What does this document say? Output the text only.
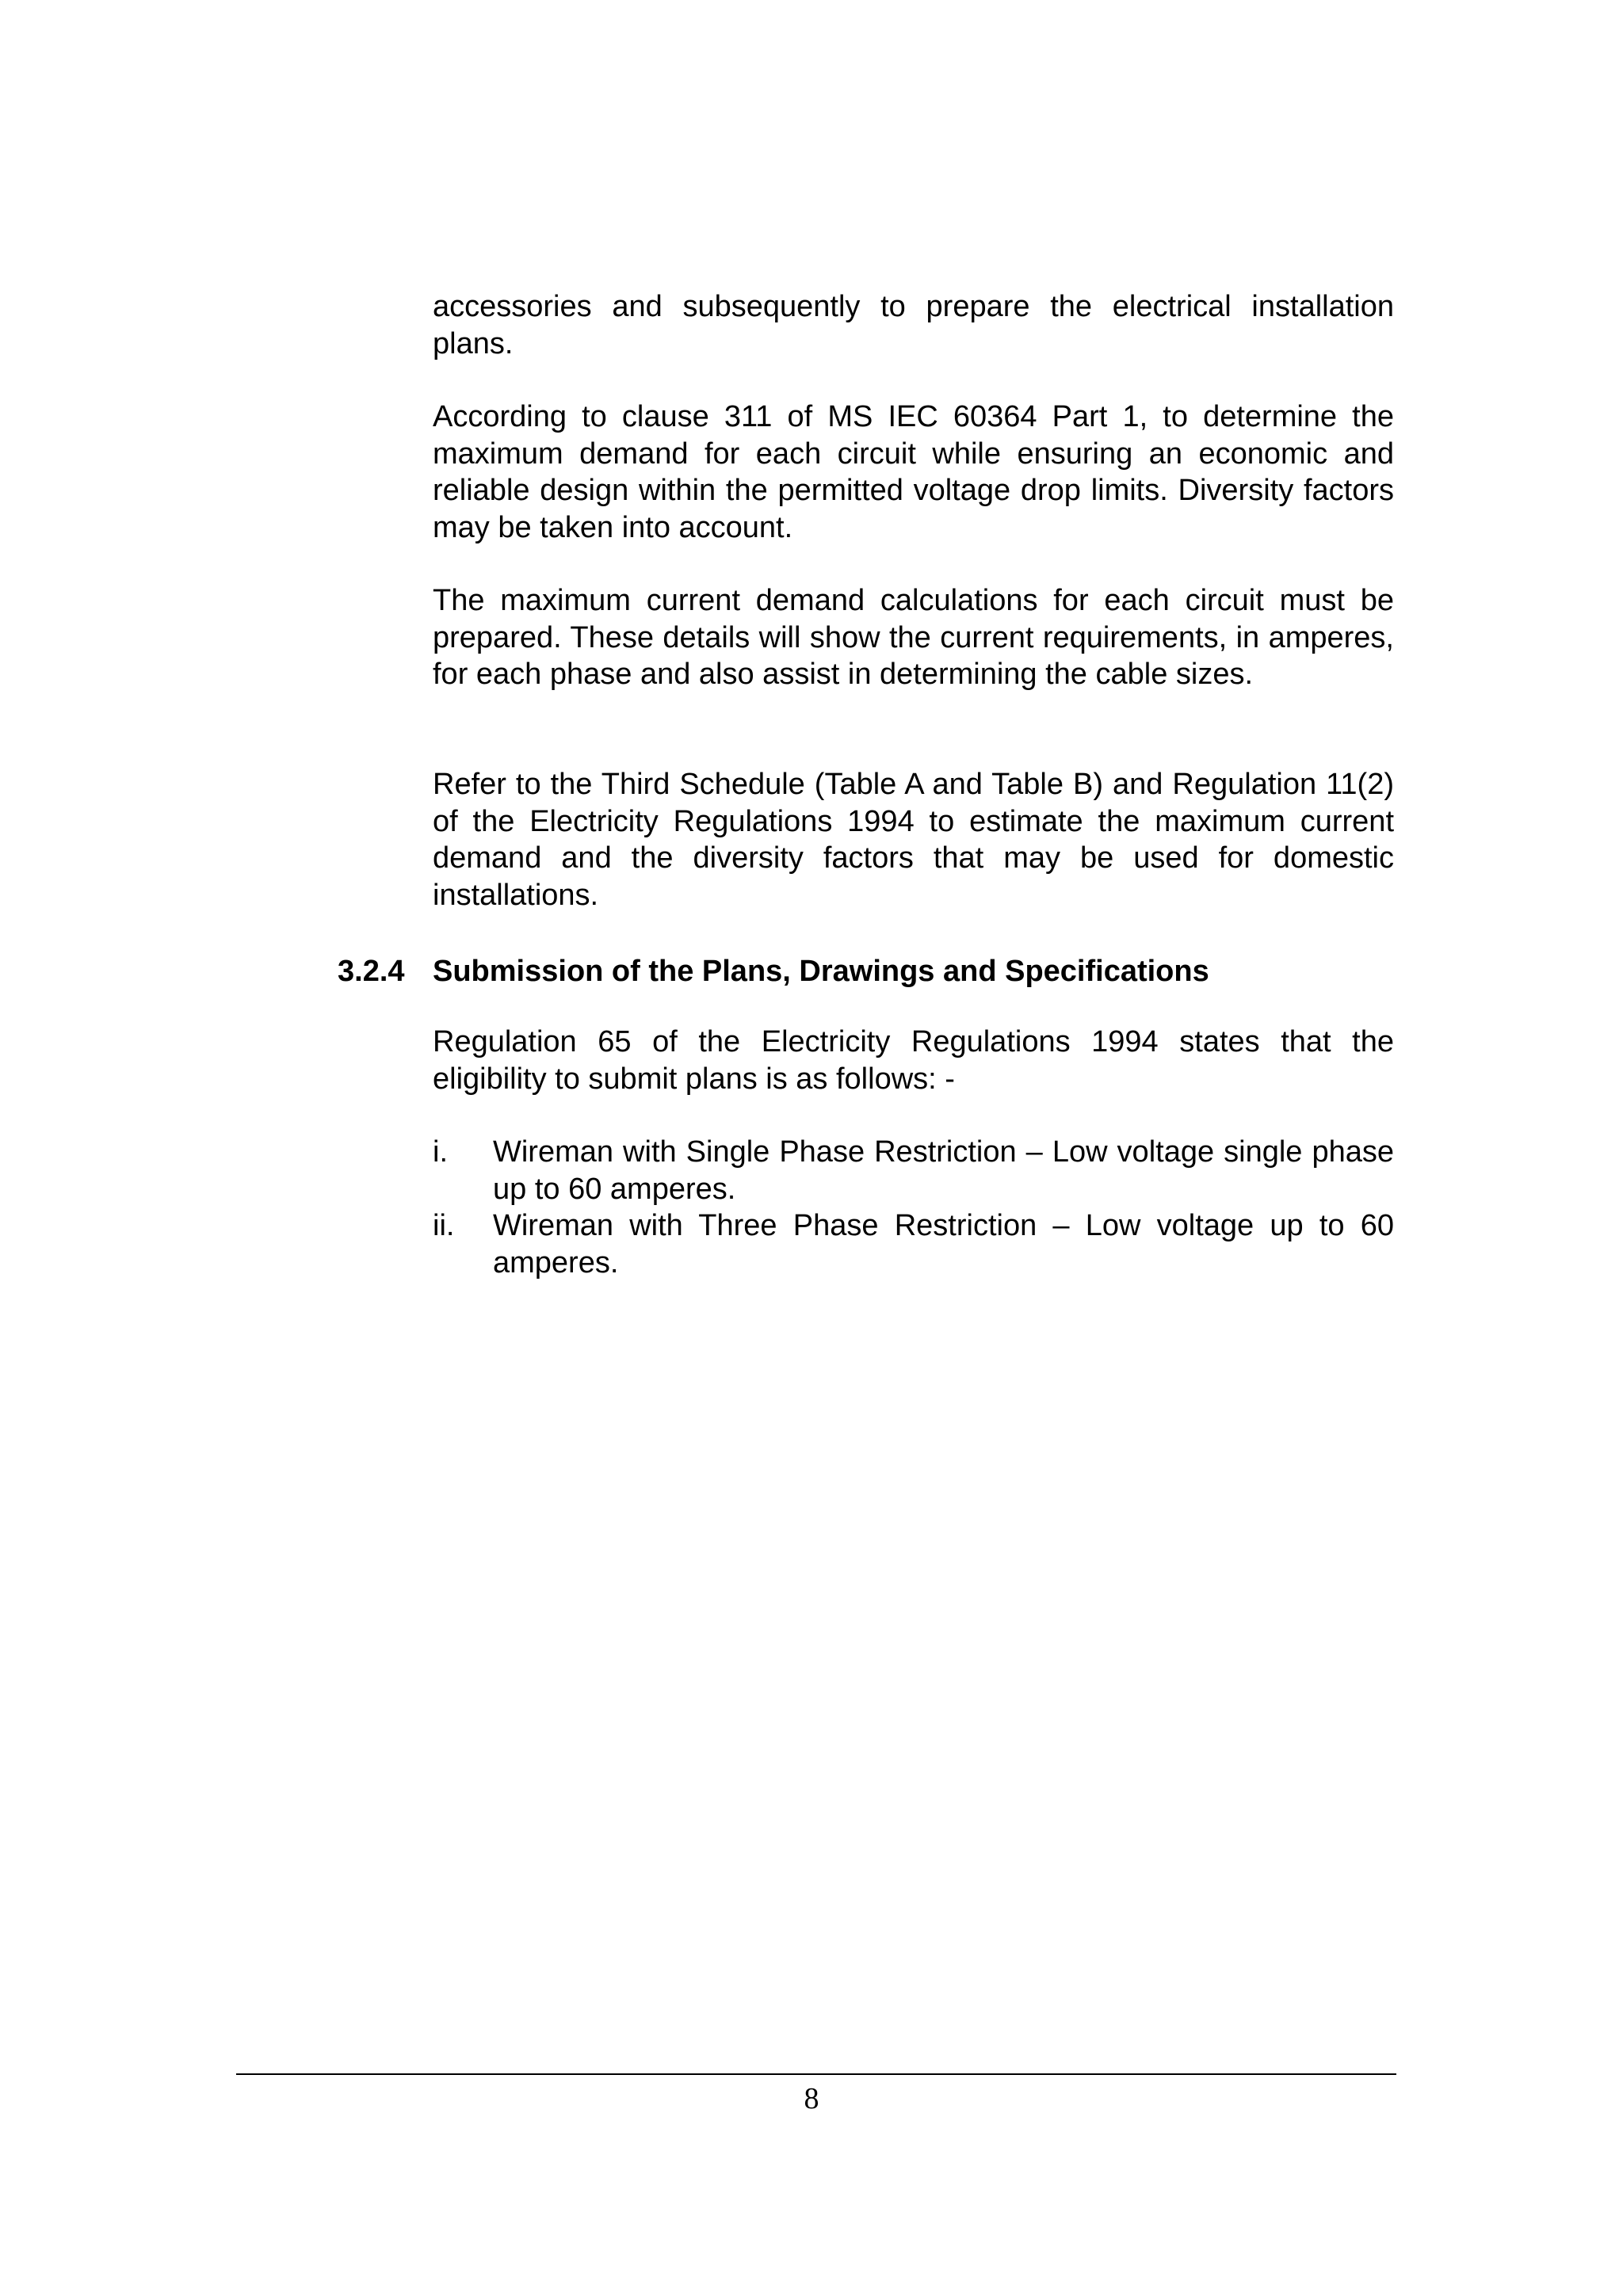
accessories and subsequently to prepare the electrical installation plans.

According to clause 311 of MS IEC 60364 Part 1, to determine the maximum demand for each circuit while ensuring an economic and reliable design within the permitted voltage drop limits. Diversity factors may be taken into account.

The maximum current demand calculations for each circuit must be prepared. These details will show the current requirements, in amperes, for each phase and also assist in determining the cable sizes.

Refer to the Third Schedule (Table A and Table B) and Regulation 11(2) of the Electricity Regulations 1994 to estimate the maximum current demand and the diversity factors that may be used for domestic installations.

3.2.4 Submission of the Plans, Drawings and Specifications

Regulation 65 of the Electricity Regulations 1994 states that the eligibility to submit plans is as follows: -

i. Wireman with Single Phase Restriction – Low voltage single phase up to 60 amperes.
ii. Wireman with Three Phase Restriction – Low voltage up to 60 amperes.
8
